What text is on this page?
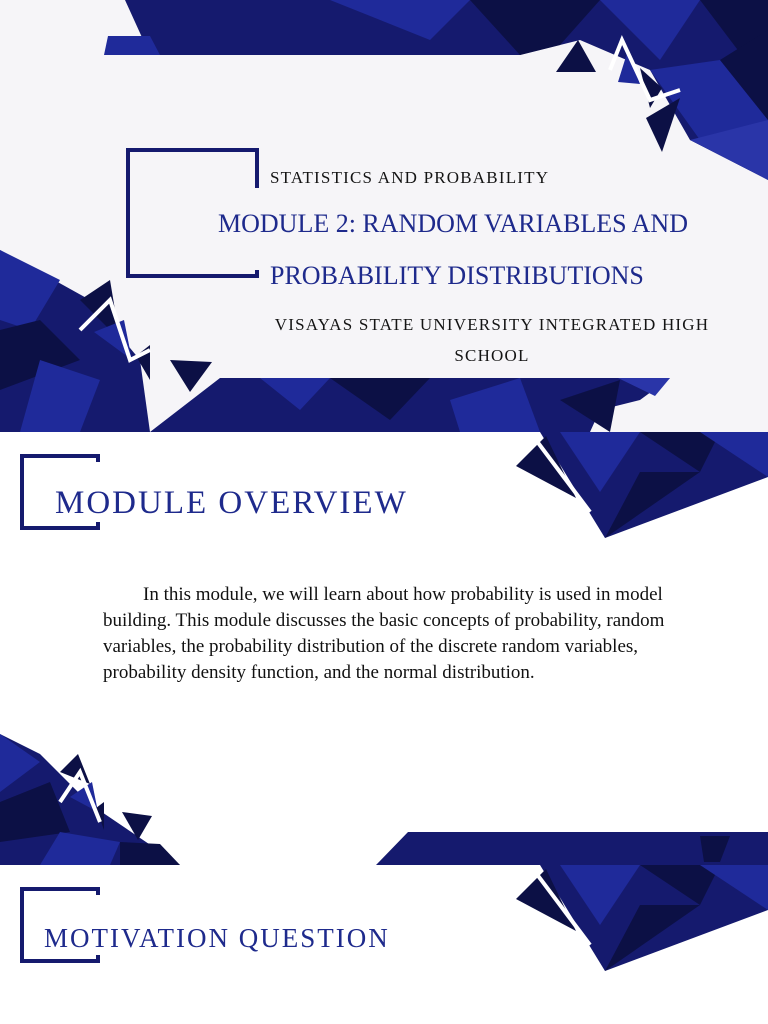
STATISTICS AND PROBABILITY

MODULE 2: RANDOM VARIABLES AND

PROBABILITY DISTRIBUTIONS

VISAYAS STATE UNIVERSITY INTEGRATED HIGH SCHOOL

MODULE OVERVIEW

In this module, we will learn about how probability is used in model building. This module discusses the basic concepts of probability, random variables, the probability distribution of the discrete random variables, probability density function, and the normal distribution.

MOTIVATION QUESTION
